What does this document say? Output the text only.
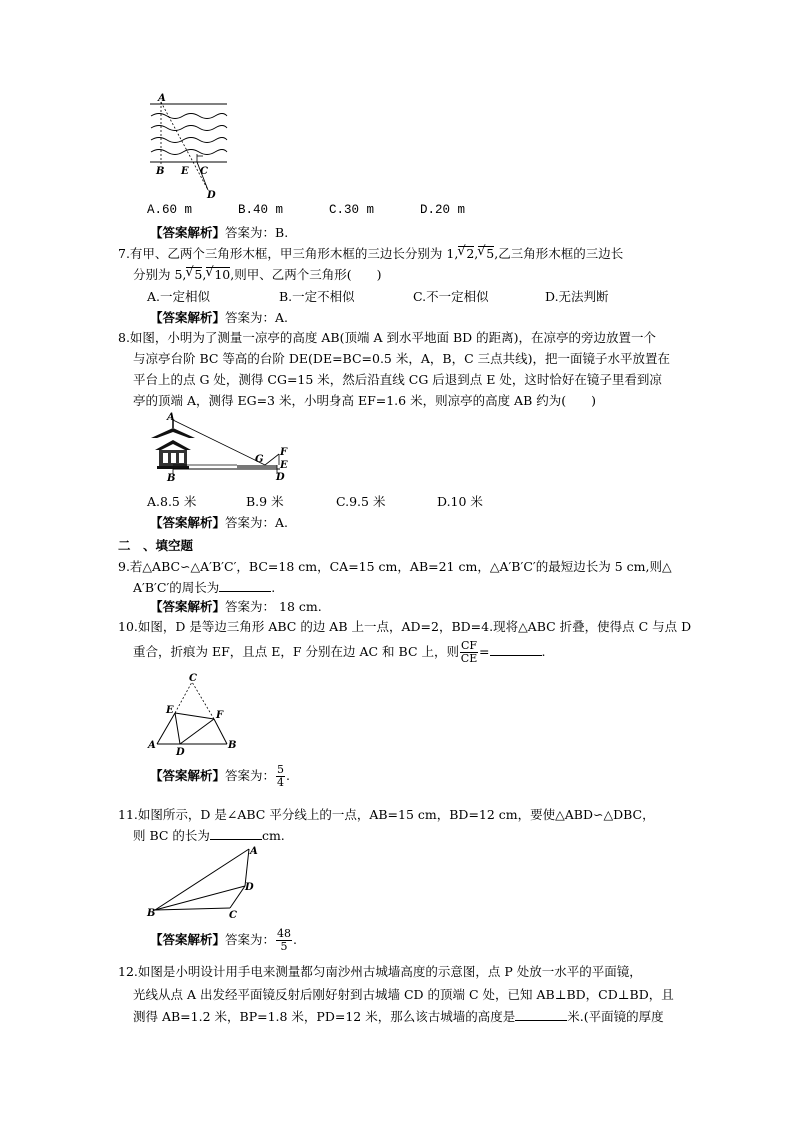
A
B E C
D
A.60 m	B.40 m	C.30 m	D.20 m
【答案解析】答案为：B.
7.有甲、乙两个三角形木框，甲三角形木框的三边长分别为 1, √ 2, √ 5,乙三角形木框的三边长
分别为 5, √ 5, √ 10,则甲、乙两个三角形(　　)
A.一定相似	B.一定不相似	C.不一定相似	D.无法判断
【答案解析】答案为：A.
8.如图，小明为了测量一凉亭的高度 AB(顶端 A 到水平地面 BD 的距离)，在凉亭的旁边放置一个
与凉亭台阶 BC 等高的台阶 DE(DE=BC=0.5 米，A，B，C 三点共线)，把一面镜子水平放置在
平台上的点 G 处，测得 CG=15 米，然后沿直线 CG 后退到点 E 处，这时恰好在镜子里看到凉
亭的顶端 A，测得 EG=3 米，小明身高 EF=1.6 米，则凉亭的高度 AB 约为(　　)
A
B
G
F
E
D
A.8.5 米	B.9 米	C.9.5 米	D.10 米
【答案解析】答案为：A.
二　、填空题
9.若△ABC∽△A′B′C′，BC=18 cm，CA=15 cm，AB=21 cm，△A′B′C′的最短边长为 5 cm,则△
A′B′C′的周长为	.
【答案解析】答案为： 18 cm.
10.如图，D 是等边三角形 ABC 的边 AB 上一点，AD=2，BD=4.现将△ABC 折叠，使得点 C 与点 D
重合，折痕为 EF，且点 E，F 分别在边 AC 和 BC 上，则 $\frac{CF}{CE}$ =	.
C
E	F
A
D
B
【答案解析】答案为： $\frac{5}{4}$ .
11.如图所示，D 是∠ABC 平分线上的一点，AB=15 cm，BD=12 cm，要使△ABD∽△DBC，
则 BC 的长为	cm.
A
D
B	C
【答案解析】答案为： $\frac{48}{5}$ .
12.如图是小明设计用手电来测量都匀南沙州古城墙高度的示意图，点 P 处放一水平的平面镜，
光线从点 A 出发经平面镜反射后刚好射到古城墙 CD 的顶端 C 处，已知 AB⊥BD，CD⊥BD，且
测得 AB=1.2 米，BP=1.8 米，PD=12 米，那么该古城墙的高度是	米.(平面镜的厚度
